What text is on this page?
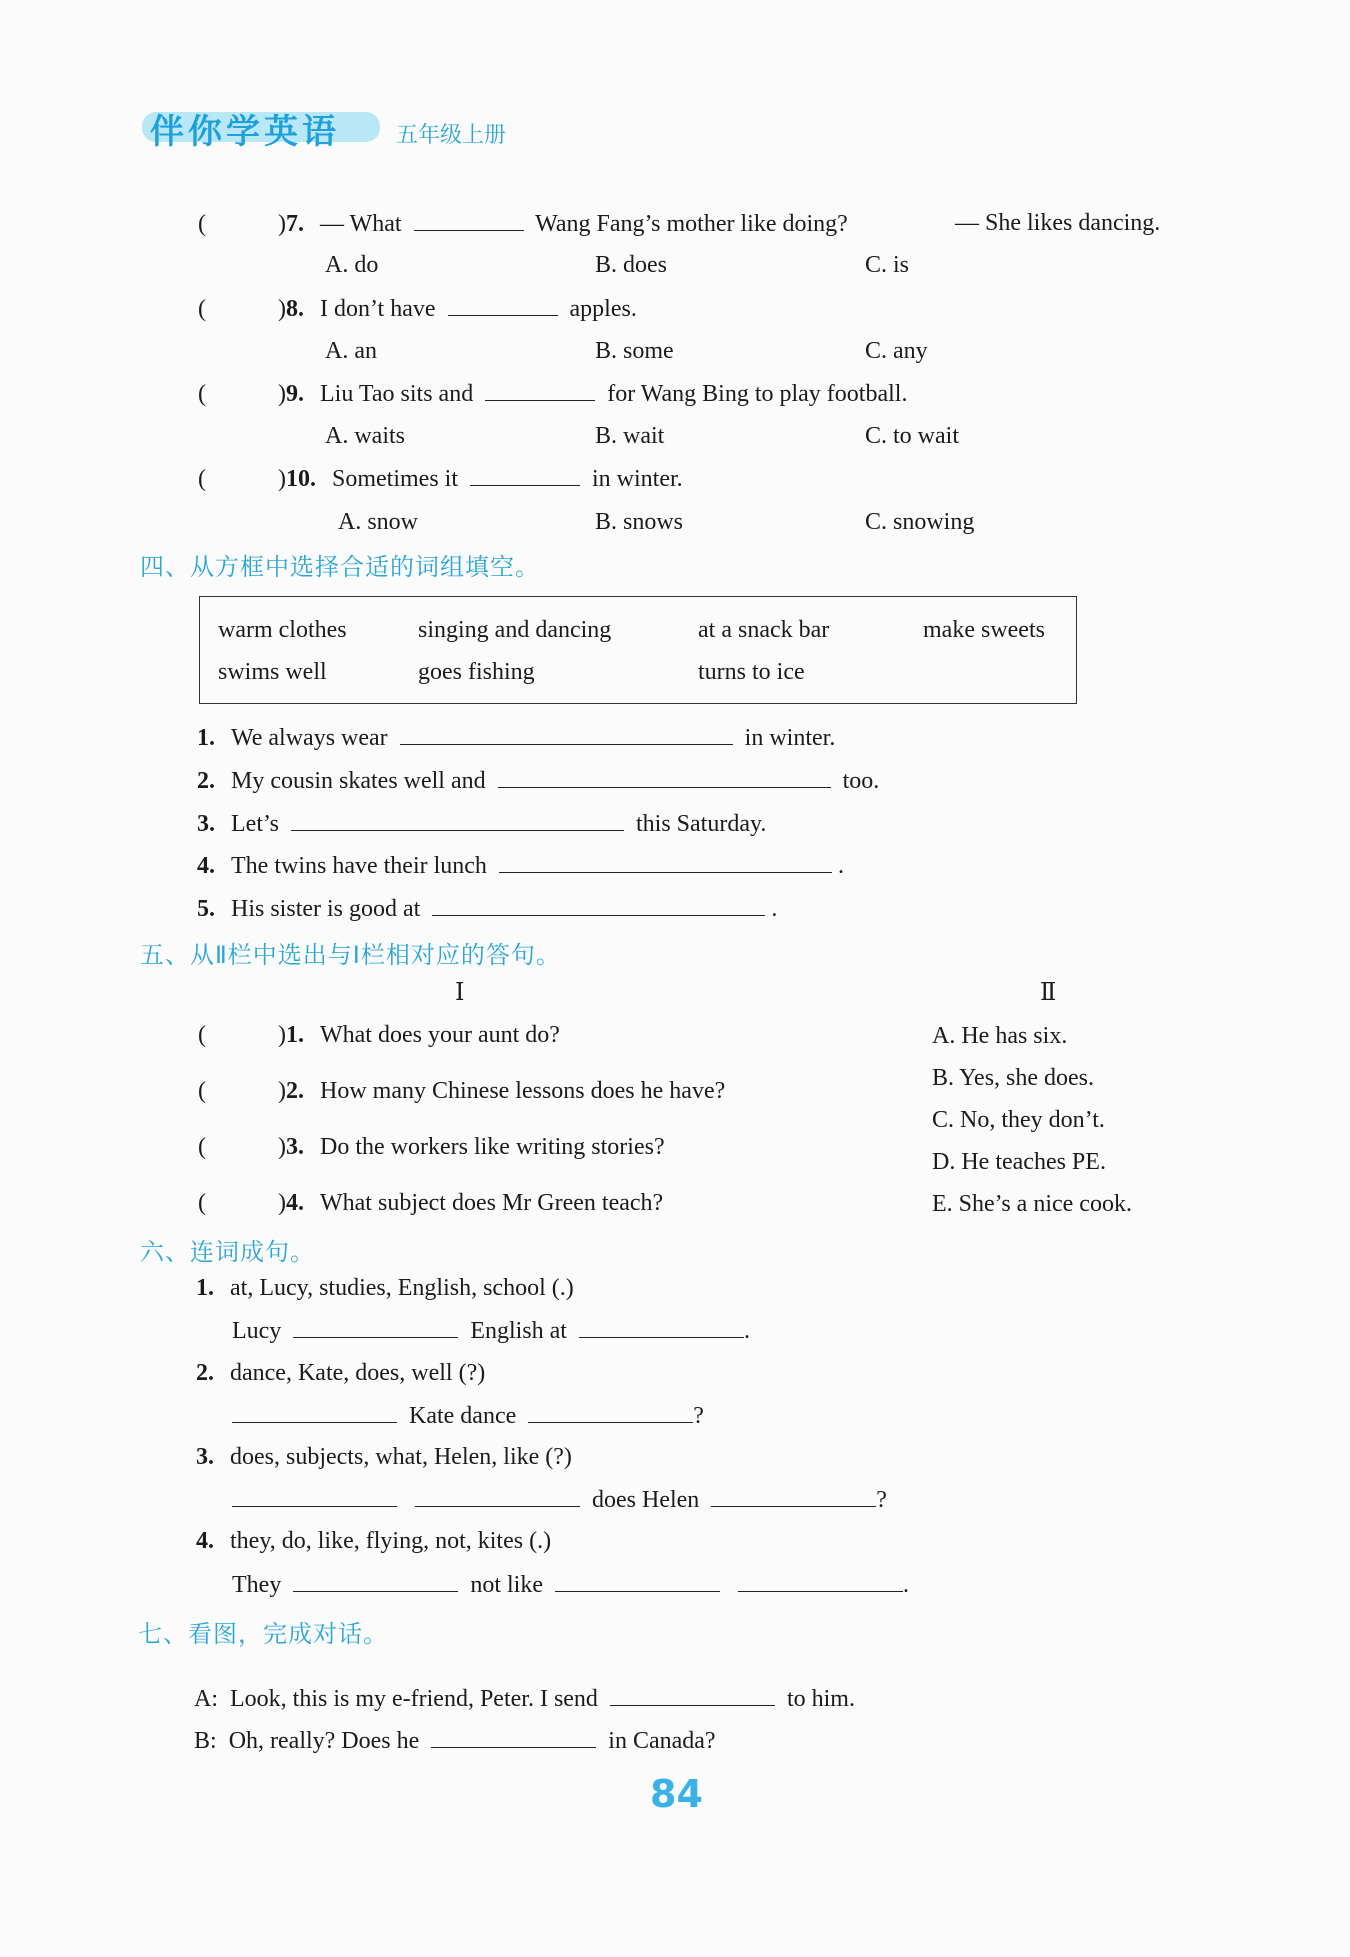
伴你学英语	五年级上册
(	)7. — What	Wang Fang’s mother like doing?	— She likes dancing.
A. do	B. does	C. is
(	)8. I don’t have	apples.
A. an	B. some	C. any
(	)9. Liu Tao sits and	for Wang Bing to play football.
A. waits	B. wait	C. to wait
(	)10. Sometimes it	in winter.
A. snow	B. snows	C. snowing
四、从方框中选择合适的词组填空。
warm clothes	singing and dancing	at a snack bar	make sweets
swims well	goes fishing	turns to ice
1. We always wear	in winter.
2. My cousin skates well and	too.
3. Let’s	this Saturday.
4. The twins have their lunch	.
5. His sister is good at	.
五、从Ⅱ栏中选出与Ⅰ栏相对应的答句。
Ⅰ	Ⅱ
(	)1. What does your aunt do?
(	)2. How many Chinese lessons does he have?
(	)3. Do the workers like writing stories?
(	)4. What subject does Mr Green teach?
A. He has six.
B. Yes, she does.
C. No, they don’t.
D. He teaches PE.
E. She’s a nice cook.
六、连词成句。
1. at, Lucy, studies, English, school (.)
Lucy	English at	.
2. dance, Kate, does, well (?)
Kate dance	?
3. does, subjects, what, Helen, like (?)
does Helen	?
4. they, do, like, flying, not, kites (.)
They	not like	.
七、看图，完成对话。
A: Look, this is my e-friend, Peter. I send	to him.
B: Oh, really? Does he	in Canada?
84
